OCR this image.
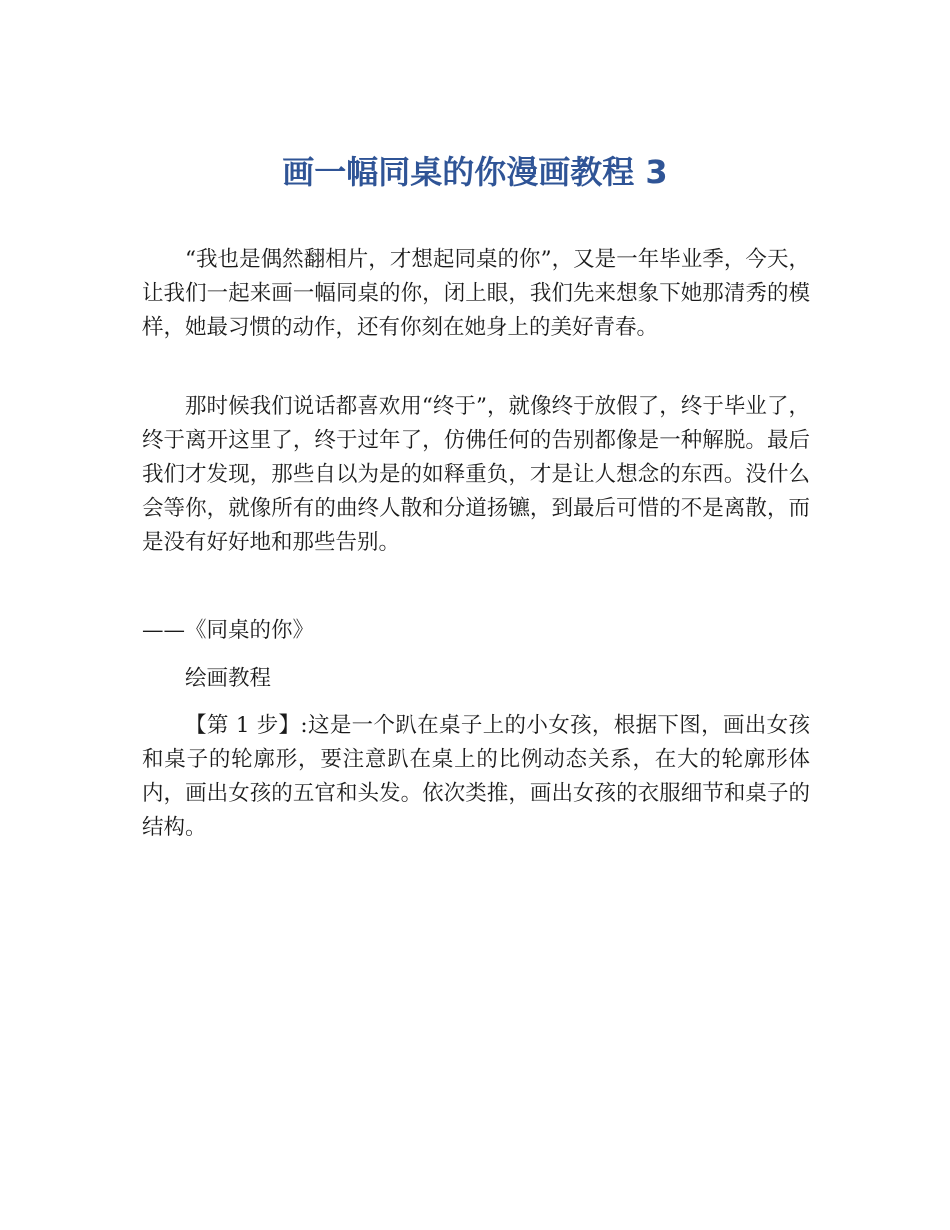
画一幅同桌的你漫画教程 3

“我也是偶然翻相片，才想起同桌的你”，又是一年毕业季，今天，让我们一起来画一幅同桌的你，闭上眼，我们先来想象下她那清秀的模样，她最习惯的动作，还有你刻在她身上的美好青春。

那时候我们说话都喜欢用“终于”，就像终于放假了，终于毕业了，终于离开这里了，终于过年了，仿佛任何的告别都像是一种解脱。最后我们才发现，那些自以为是的如释重负，才是让人想念的东西。没什么会等你，就像所有的曲终人散和分道扬镳，到最后可惜的不是离散，而是没有好好地和那些告别。

——《同桌的你》

绘画教程

【第 1 步】:这是一个趴在桌子上的小女孩，根据下图，画出女孩和桌子的轮廓形，要注意趴在桌上的比例动态关系，在大的轮廓形体内，画出女孩的五官和头发。依次类推，画出女孩的衣服细节和桌子的结构。
